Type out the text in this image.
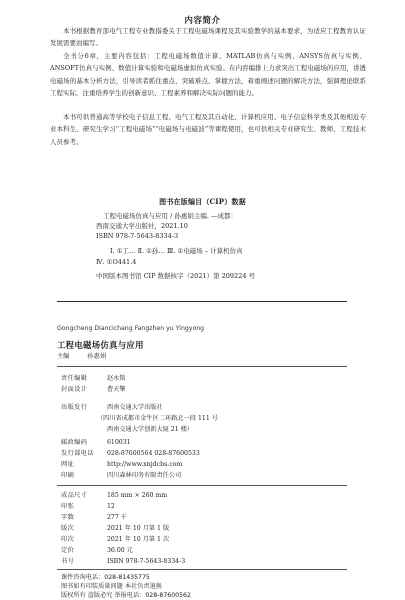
内容简介

本书根据教育部电气工程专业教指委关于工程电磁场课程及其实验教学的基本要求，为适应工程教育认证发展需要而编写。

全书分6章，主要内容包括：工程电磁场数值计算、MATLAB仿真与实例、ANSYS仿真与实例、ANSOFT仿真与实例、数值计算实验和电磁场虚拟仿真实验。在内容编排上力求突出工程电磁场的应用，讲透电磁场的基本分析方法，引导读者抓住重点、突破难点、掌握方法，着重阐述问题的解决方法，强调理论联系工程实际，注重培养学生的创新意识、工程素养和解决实际问题的能力。

本书可供普通高等学校电子信息工程、电气工程及其自动化、计算机应用、电子信息科学类及其他相近专业本科生、研究生学习“工程电磁场”“电磁场与电磁波”等课程使用，也可供相关专业研究生、教师、工程技术人员参考。

图书在版编目（CIP）数据
工程电磁场仿真与应用 / 孙惠娟主编. —成都：
西南交通大学出版社，2021.10
ISBN 978-7-5643-8334-3
Ⅰ. ①工… Ⅱ. ①孙… Ⅲ. ①电磁场 – 计算机仿真
Ⅳ. ①O441.4
中国版本图书馆 CIP 数据核字（2021）第 209224 号
Gongcheng Dianci​chang Fangzhen yu Yingyong
工程电磁场仿真与应用
主编	孙惠娟
责任编辑	赵永铭
封面设计	曹天擎
出版发行	西南交通大学出版社
（四川省成都市金牛区二环路北一段 111 号
西南交通大学创新大厦 21 楼）
邮政编码	610031
发行部电话 028-87600564 028-87600533
网址	http://www.xnjdcbs.com
印刷	四川森林印务有限责任公司
成品尺寸	185 mm × 260 mm
印张	12
字数	277 千
版次	2021 年 10 月第 1 版
印次	2021 年 10 月第 1 次
定价	36.00 元
书号	ISBN 978-7-5643-8334-3
课件咨询电话：028-81435775
图书如有印装质量问题 本社负责退换
版权所有 盗版必究 举报电话：028-87600562
